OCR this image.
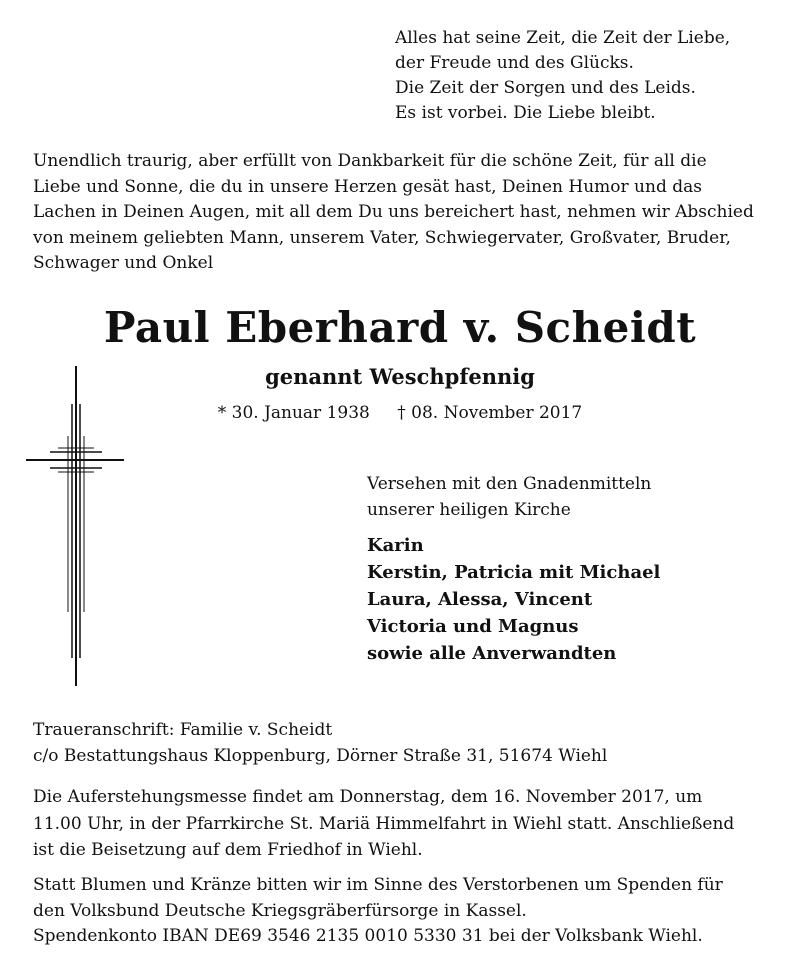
Alles hat seine Zeit, die Zeit der Liebe,
der Freude und des Glücks.
Die Zeit der Sorgen und des Leids.
Es ist vorbei. Die Liebe bleibt.
Unendlich traurig, aber erfüllt von Dankbarkeit für die schöne Zeit, für all die
Liebe und Sonne, die du in unsere Herzen gesät hast, Deinen Humor und das
Lachen in Deinen Augen, mit all dem Du uns bereichert hast, nehmen wir Abschied
von meinem geliebten Mann, unserem Vater, Schwiegervater, Großvater, Bruder,
Schwager und Onkel
Paul Eberhard v. Scheidt
genannt Weschpfennig
* 30. Januar 1938 † 08. November 2017
Versehen mit den Gnadenmitteln
unserer heiligen Kirche
Karin
Kerstin, Patricia mit Michael
Laura, Alessa, Vincent
Victoria und Magnus
sowie alle Anverwandten
Traueranschrift: Familie v. Scheidt
c/o Bestattungshaus Kloppenburg, Dörner Straße 31, 51674 Wiehl
Die Auferstehungsmesse findet am Donnerstag, dem 16. November 2017, um
11.00 Uhr, in der Pfarrkirche St. Mariä Himmelfahrt in Wiehl statt. Anschließend
ist die Beisetzung auf dem Friedhof in Wiehl.
Statt Blumen und Kränze bitten wir im Sinne des Verstorbenen um Spenden für
den Volksbund Deutsche Kriegsgräberfürsorge in Kassel.
Spendenkonto IBAN DE69 3546 2135 0010 5330 31 bei der Volksbank Wiehl.
